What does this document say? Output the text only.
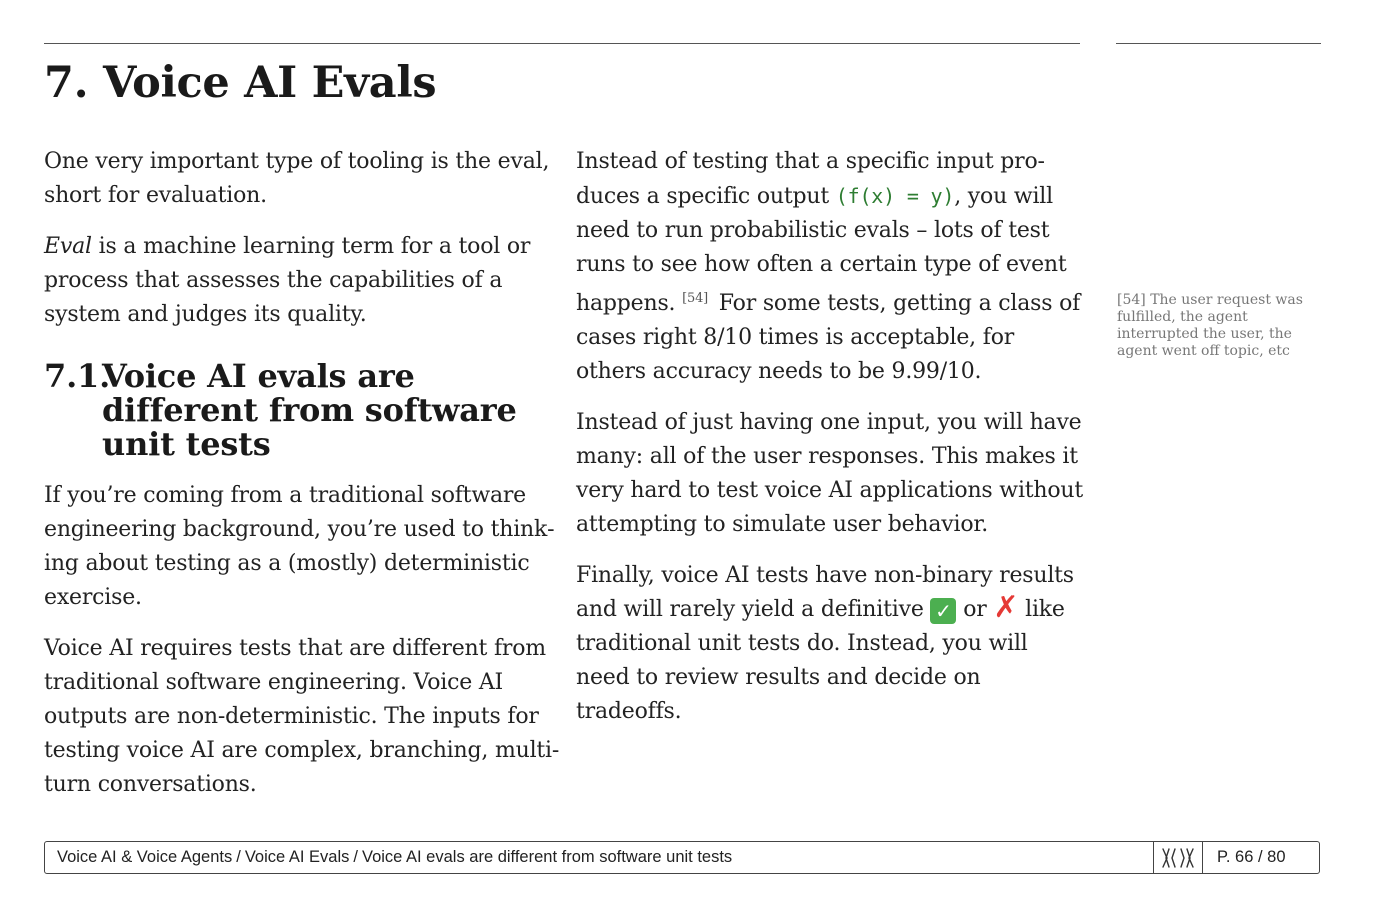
7. Voice AI Evals

One very important type of tooling is the eval, short for evaluation.

Eval is a machine learning term for a tool or process that assesses the capabilities of a system and judges its quality.

7.1.Voice AI evals are different from software unit tests

If you’re coming from a traditional software engineering background, you’re used to thinking about testing as a (mostly) deterministic exercise.

Voice AI requires tests that are different from traditional software engineering. Voice AI outputs are non-deterministic. The inputs for testing voice AI are complex, branching, multi-turn conversations.

Instead of testing that a specific input produces a specific output (f(x) = y), you will need to run probabilistic evals – lots of test runs to see how often a certain type of event happens. [54] For some tests, getting a class of cases right 8/10 times is acceptable, for others accuracy needs to be 9.99/10.

Instead of just having one input, you will have many: all of the user responses. This makes it very hard to test voice AI applications without attempting to simulate user behavior.

Finally, voice AI tests have non-binary results and will rarely yield a definitive ✓ or ✗ like traditional unit tests do. Instead, you will need to review results and decide on tradeoffs.

[54] The user request was fulfilled, the agent interrupted the user, the agent went off topic, etc
Voice AI & Voice Agents / Voice AI Evals / Voice AI evals are different from software unit tests	P. 66 / 80
